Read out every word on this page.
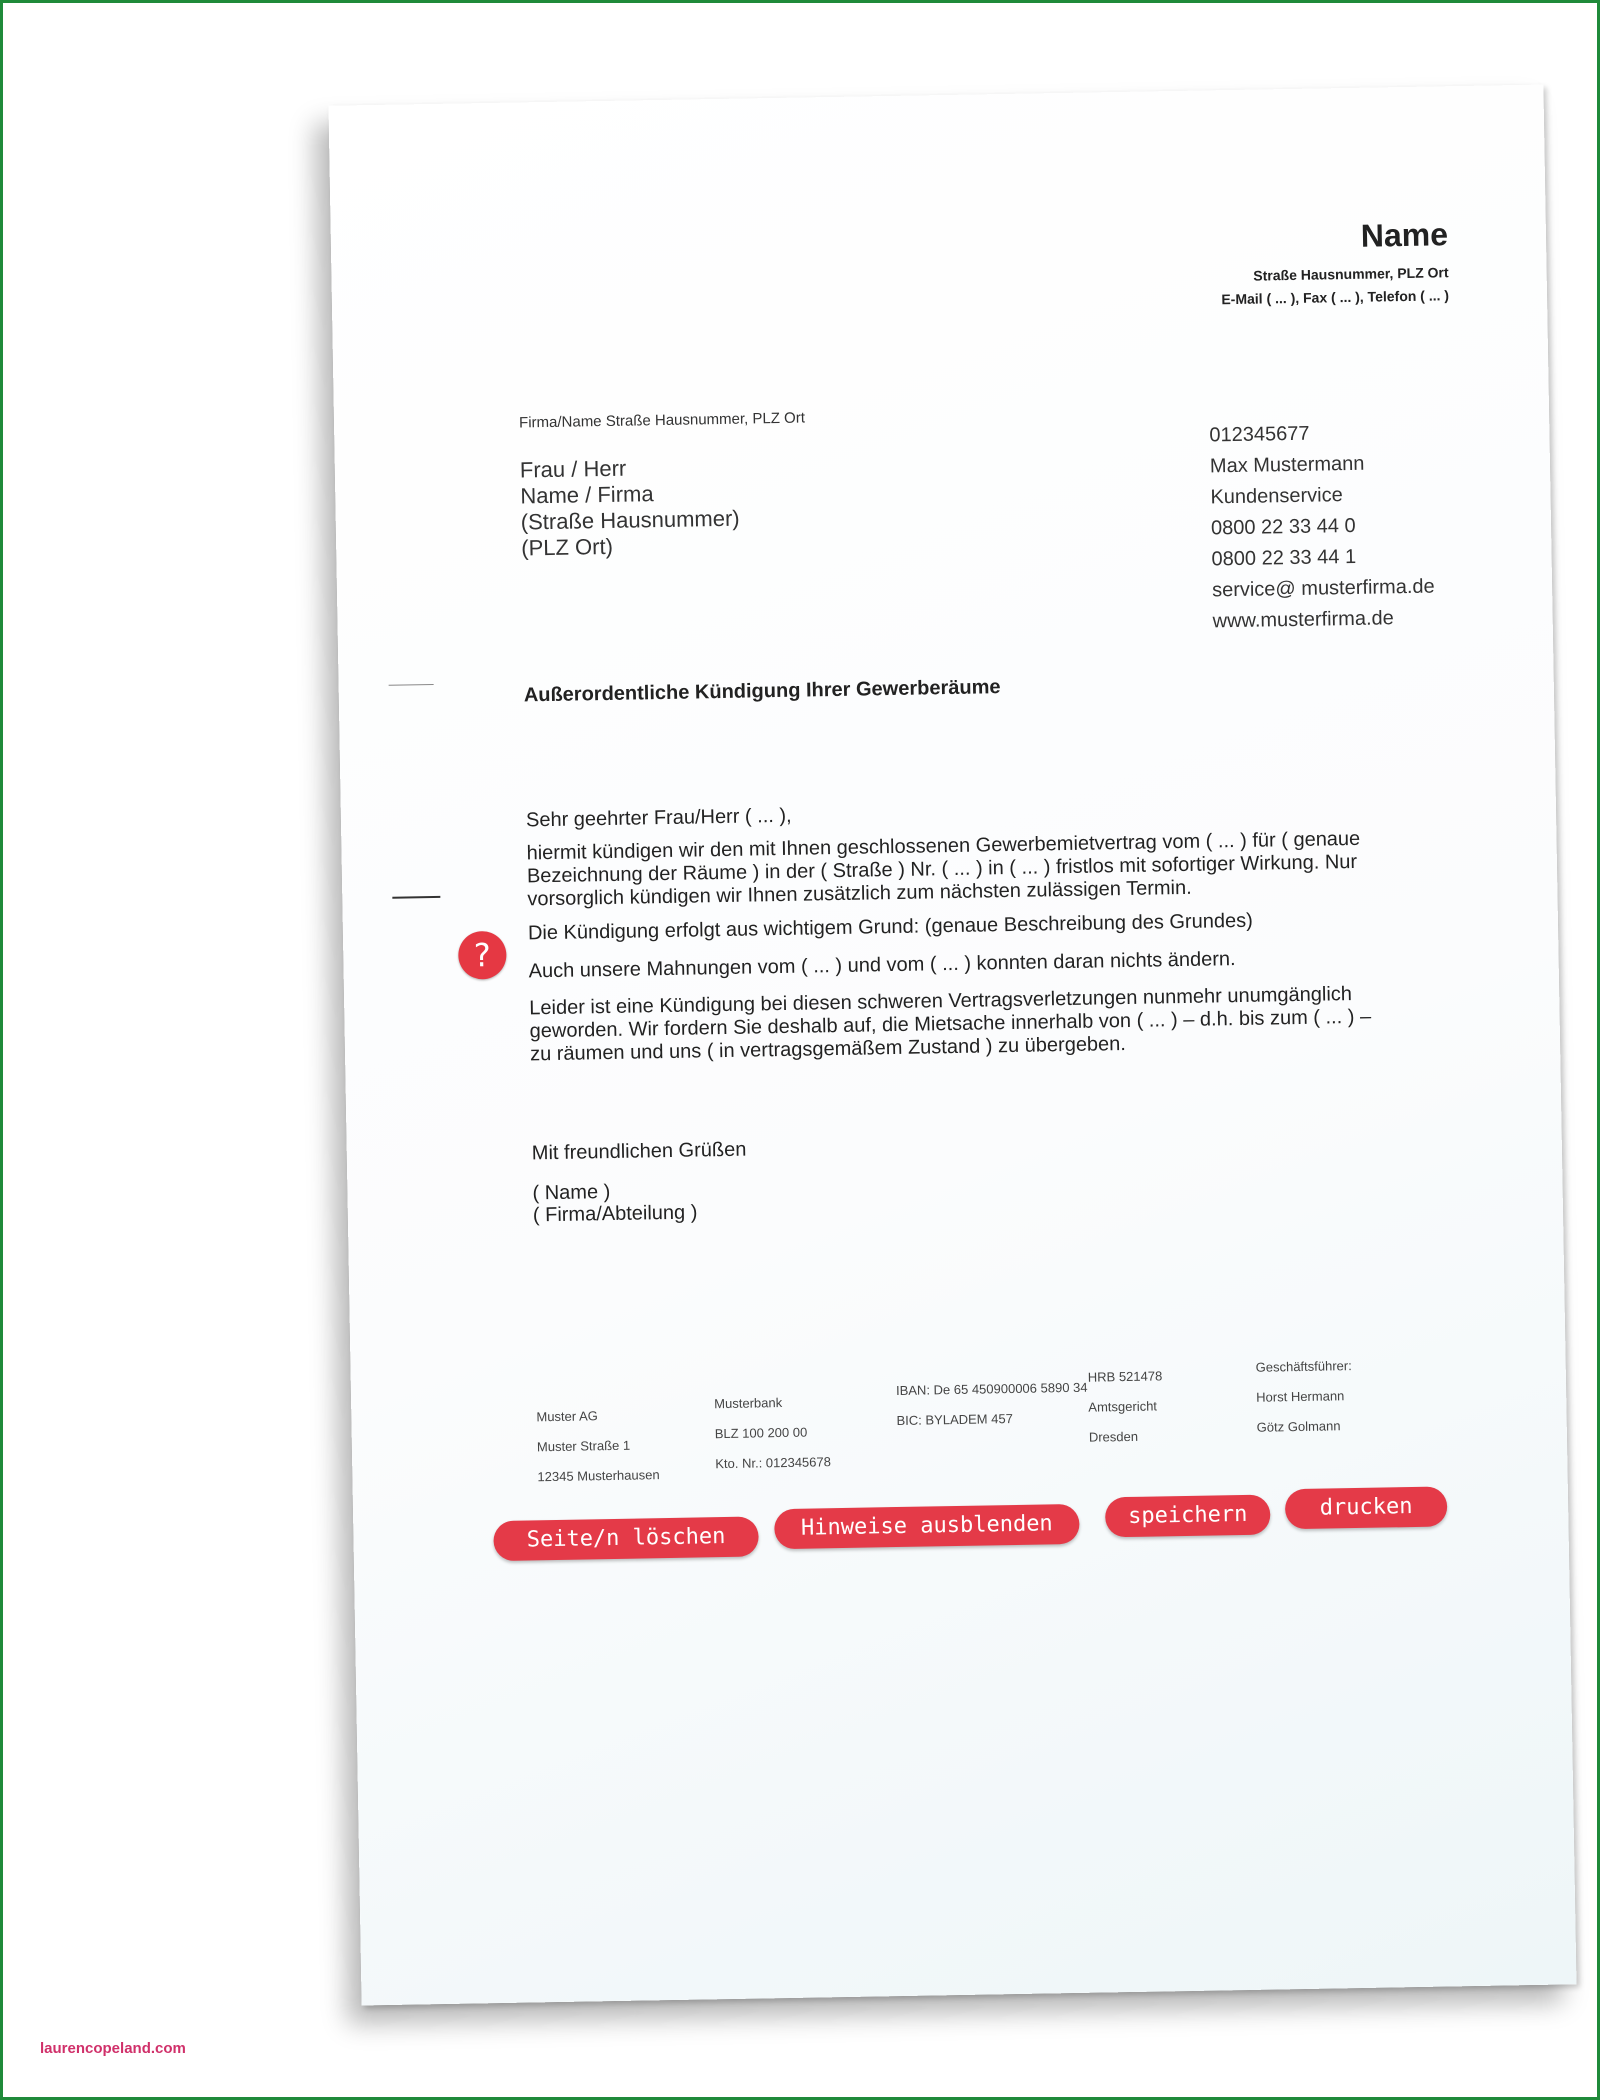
Name
Straße Hausnummer, PLZ Ort
E-Mail ( ... ), Fax ( ... ), Telefon ( ... )
Firma/Name Straße Hausnummer, PLZ Ort
Frau / Herr
Name / Firma
(Straße Hausnummer)
(PLZ Ort)
012345677
Max Mustermann
Kundenservice
0800 22 33 44 0
0800 22 33 44 1
service@ musterfirma.de
www.musterfirma.de
Außerordentliche Kündigung Ihrer Gewerberäume
Sehr geehrter Frau/Herr ( ... ),
hiermit kündigen wir den mit Ihnen geschlossenen Gewerbemietvertrag vom ( ... ) für ( genaue Bezeichnung der Räume ) in der ( Straße ) Nr. ( ... ) in ( ... ) fristlos mit sofortiger Wirkung. Nur vorsorglich kündigen wir Ihnen zusätzlich zum nächsten zulässigen Termin.
Die Kündigung erfolgt aus wichtigem Grund: (genaue Beschreibung des Grundes)
Auch unsere Mahnungen vom ( ... ) und vom ( ... ) konnten daran nichts ändern.
Leider ist eine Kündigung bei diesen schweren Vertragsverletzungen nunmehr unumgänglich geworden. Wir fordern Sie deshalb auf, die Mietsache innerhalb von ( ... ) – d.h. bis zum ( ... ) – zu räumen und uns ( in vertragsgemäßem Zustand ) zu übergeben.
?
Mit freundlichen Grüßen
( Name )
( Firma/Abteilung )
Muster AG
Muster Straße 1
12345 Musterhausen
Musterbank
BLZ 100 200 00
Kto. Nr.: 012345678
IBAN: De 65 450900006 5890 34
BIC: BYLADEM 457
HRB 521478
Amtsgericht
Dresden
Geschäftsführer:
Horst Hermann
Götz Golmann
Seite/n löschen	Hinweise ausblenden	speichern	drucken
laurencopeland.com
